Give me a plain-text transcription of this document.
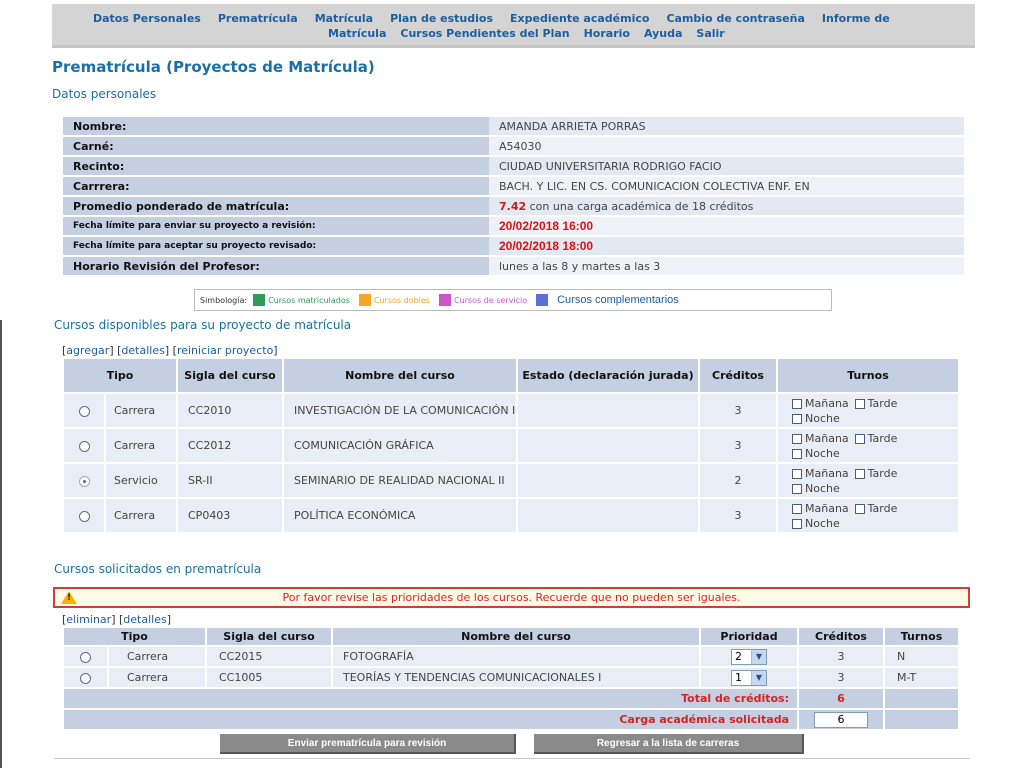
Datos Personales Prematrícula Matrícula Plan de estudios Expediente académico Cambio de contraseña Informe de
Matrícula Cursos Pendientes del Plan Horario Ayuda Salir
Prematrícula (Proyectos de Matrícula)
Datos personales
Nombre:	AMANDA ARRIETA PORRAS
Carné:	A54030
Recinto:	CIUDAD UNIVERSITARIA RODRIGO FACIO
Carrrera:	BACH. Y LIC. EN CS. COMUNICACION COLECTIVA ENF. EN
Promedio ponderado de matrícula:	7.42 con una carga académica de 18 créditos
Fecha límite para enviar su proyecto a revisión:	20/02/2018 16:00
Fecha límite para aceptar su proyecto revisado:	20/02/2018 18:00
Horario Revisión del Profesor:	lunes a las 8 y martes a las 3
Simbología:	Cursos matriculados	Cursos dobles	Cursos de servicio	Cursos complementarios
Cursos disponibles para su proyecto de matrícula
[agregar] [detalles] [reiniciar proyecto]
Tipo		Sigla del curso	Nombre del curso	Estado (declaración jurada)	Créditos	Turnos
	Carrera	CC2010	INVESTIGACIÓN DE LA COMUNICACIÓN I		3	Mañana Tarde
Noche
	Carrera	CC2012	COMUNICACIÓN GRÁFICA		3	Mañana Tarde
Noche
	Servicio	SR-II	SEMINARIO DE REALIDAD NACIONAL II		2	Mañana Tarde
Noche
	Carrera	CP0403	POLÍTICA ECONÓMICA		3	Mañana Tarde
Noche
Cursos solicitados en prematrícula
!	Por favor revise las prioridades de los cursos. Recuerde que no pueden ser iguales.
[eliminar] [detalles]
Tipo		Sigla del curso	Nombre del curso	Prioridad	Créditos	Turnos
	Carrera	CC2015	FOTOGRAFÍA	2 ▼	3	N
	Carrera	CC1005	TEORÍAS Y TENDENCIAS COMUNICACIONALES I	1 ▼	3	M-T
Total de créditos:					6	
Carga académica solicitada					6	
Enviar prematrícula para revisión	Regresar a la lista de carreras
